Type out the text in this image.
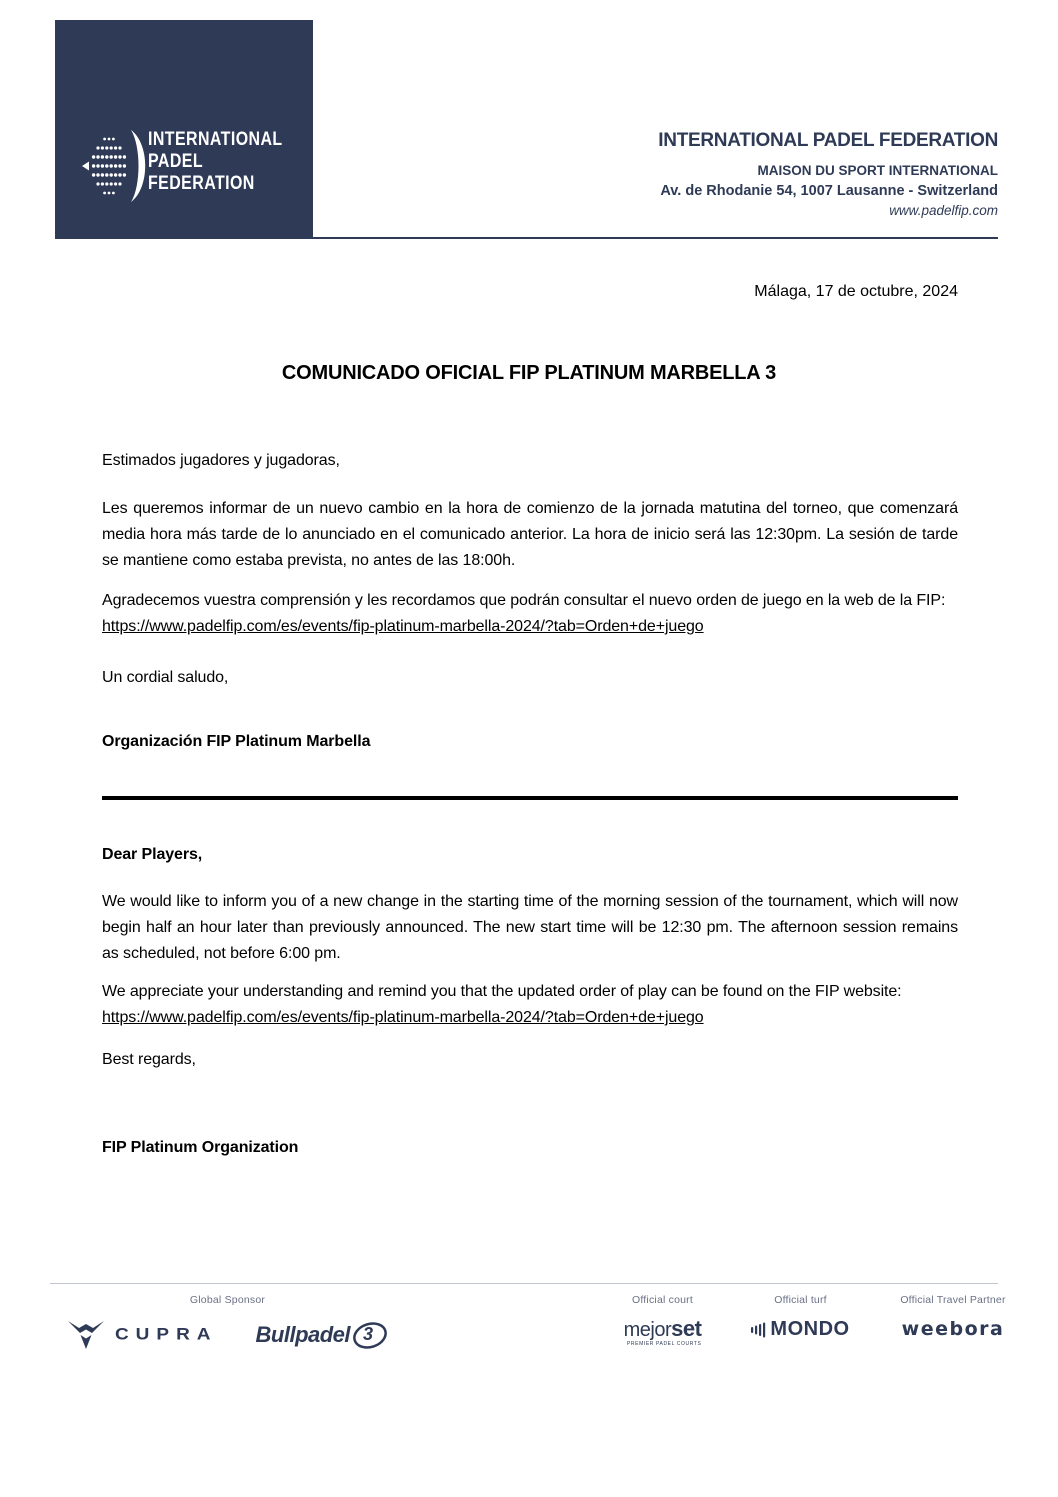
INTERNATIONAL
PADEL
FEDERATION
INTERNATIONAL PADEL FEDERATION
MAISON DU SPORT INTERNATIONAL
Av. de Rhodanie 54, 1007 Lausanne - Switzerland
www.padelfip.com
Málaga, 17 de octubre, 2024
COMUNICADO OFICIAL FIP PLATINUM MARBELLA 3

Estimados jugadores y jugadoras,

Les queremos informar de un nuevo cambio en la hora de comienzo de la jornada matutina del torneo, que comenzará media hora más tarde de lo anunciado en el comunicado anterior. La hora de inicio será las 12:30pm. La sesión de tarde se mantiene como estaba prevista, no antes de las 18:00h.

Agradecemos vuestra comprensión y les recordamos que podrán consultar el nuevo orden de juego en la web de la FIP:
https://www.padelfip.com/es/events/fip-platinum-marbella-2024/?tab=Orden+de+juego

Un cordial saludo,

Organización FIP Platinum Marbella

Dear Players,

We would like to inform you of a new change in the starting time of the morning session of the tournament, which will now begin half an hour later than previously announced. The new start time will be 12:30 pm. The afternoon session remains as scheduled, not before 6:00 pm.

We appreciate your understanding and remind you that the updated order of play can be found on the FIP website:
https://www.padelfip.com/es/events/fip-platinum-marbella-2024/?tab=Orden+de+juego

Best regards,

FIP Platinum Organization

Global Sponsor
CUPRA Bullpadel 3
Official court
mejorset
PREMIER PADEL COURTS
Official turf
MONDO
Official Travel Partner
weebora
